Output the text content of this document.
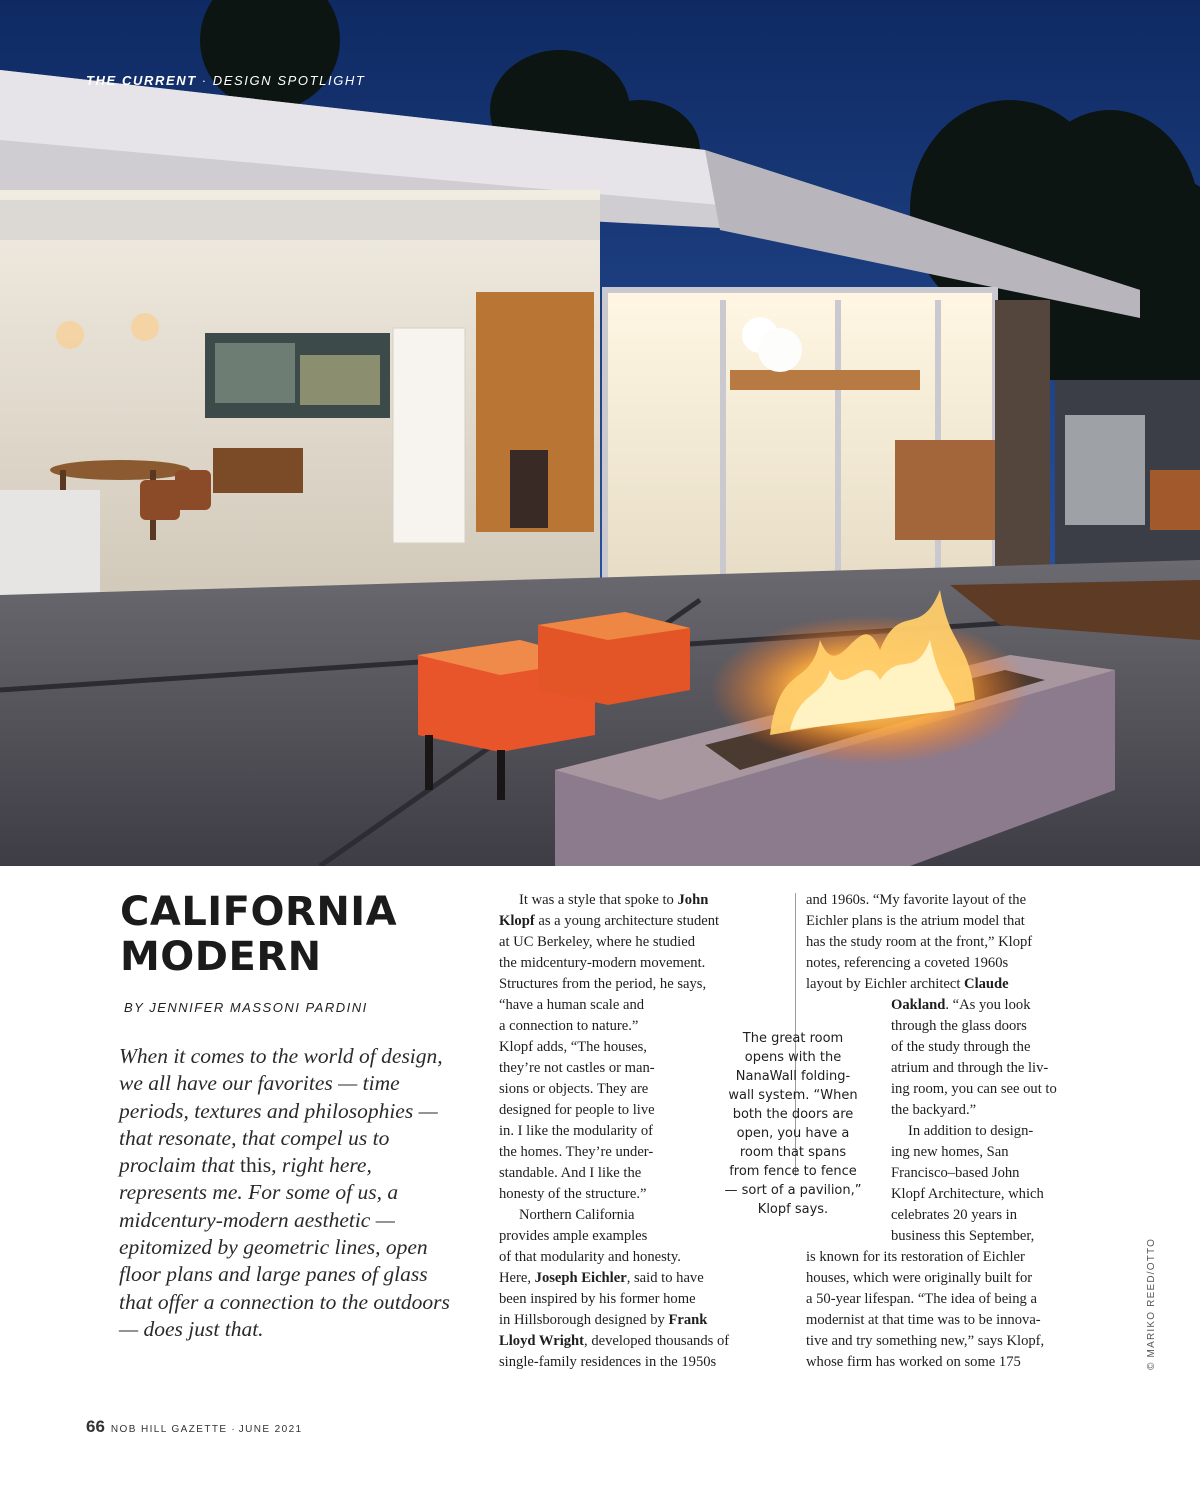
THE CURRENT · DESIGN SPOTLIGHT
CALIFORNIA
MODERN
BY JENNIFER MASSONI PARDINI

When it comes to the world of design, we all have our favorites — time periods, textures and philosophies — that resonate, that compel us to proclaim that this, right here, represents me. For some of us, a midcentury-modern aesthetic — epitomized by geometric lines, open floor plans and large panes of glass that offer a connection to the outdoors — does just that.

It was a style that spoke to John
Klopf as a young architecture student
at UC Berkeley, where he studied
the midcentury-modern movement.
Structures from the period, he says,
“have a human scale and
a connection to nature.”
Klopf adds, “The houses,
they’re not castles or man-
sions or objects. They are
designed for people to live
in. I like the modularity of
the homes. They’re under-
standable. And I like the
honesty of the structure.”
Northern California
provides ample examples
of that modularity and honesty.
Here, Joseph Eichler, said to have
been inspired by his former home
in Hillsborough designed by Frank
Lloyd Wright, developed thousands of
single-family residences in the 1950s
and 1960s. “My favorite layout of the
Eichler plans is the atrium model that
has the study room at the front,” Klopf
notes, referencing a coveted 1960s
layout by Eichler architect Claude
Oakland. “As you look
through the glass doors
of the study through the
atrium and through the liv-
ing room, you can see out to
the backyard.”
In addition to design-
ing new homes, San
Francisco–based John
Klopf Architecture, which
celebrates 20 years in
business this September,
is known for its restoration of Eichler
houses, which were originally built for
a 50-year lifespan. “The idea of being a
modernist at that time was to be innova-
tive and try something new,” says Klopf,
whose firm has worked on some 175
The great room
opens with the
NanaWall folding-
wall system. “When
both the doors are
open, you have a
room that spans
from fence to fence
— sort of a pavilion,”
Klopf says.
© MARIKO REED/OTTO
66 NOB HILL GAZETTE · JUNE 2021
